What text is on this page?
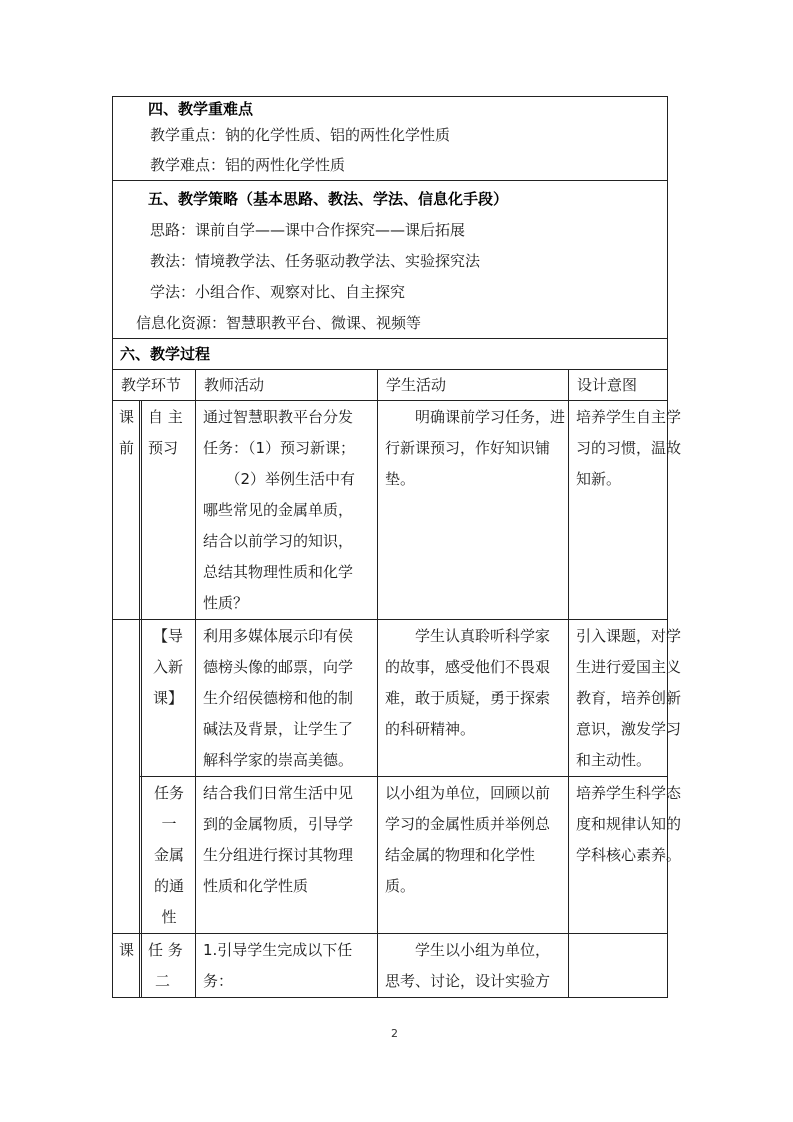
四、教学重难点
教学重点：钠的化学性质、铝的两性化学性质
教学难点：铝的两性化学性质
五、教学策略（基本思路、教法、学法、信息化手段）
思路：课前自学——课中合作探究——课后拓展
教法：情境教学法、任务驱动教学法、实验探究法
学法：小组合作、观察对比、自主探究
信息化资源：智慧职教平台、微课、视频等
六、教学过程
教学环节 教师活动	学生活动	设计意图

课

前

课

自 主

预习

通过智慧职教平台分发

任务：（1）预习新课；

　　（2）举例生活中有

哪些常见的金属单质，

结合以前学习的知识，

总结其物理性质和化学

性质？

　　明确课前学习任务，进

行新课预习，作好知识铺

垫。

培养学生自主学

习的习惯，温故

知新。

【导

入新

课】

利用多媒体展示印有侯

德榜头像的邮票，向学

生介绍侯德榜和他的制

碱法及背景，让学生了

解科学家的崇高美德。

　　学生认真聆听科学家

的故事，感受他们不畏艰

难，敢于质疑，勇于探索

的科研精神。

引入课题，对学

生进行爱国主义

教育，培养创新

意识，激发学习

和主动性。

任务

一

金属

的通

性

结合我们日常生活中见

到的金属物质，引导学

生分组进行探讨其物理

性质和化学性质

以小组为单位，回顾以前

学习的金属性质并举例总

结金属的物理和化学性

质。

培养学生科学态

度和规律认知的

学科核心素养。

任 务

二

1.引导学生完成以下任

务：

　　学生以小组为单位，

思考、讨论，设计实验方

2
